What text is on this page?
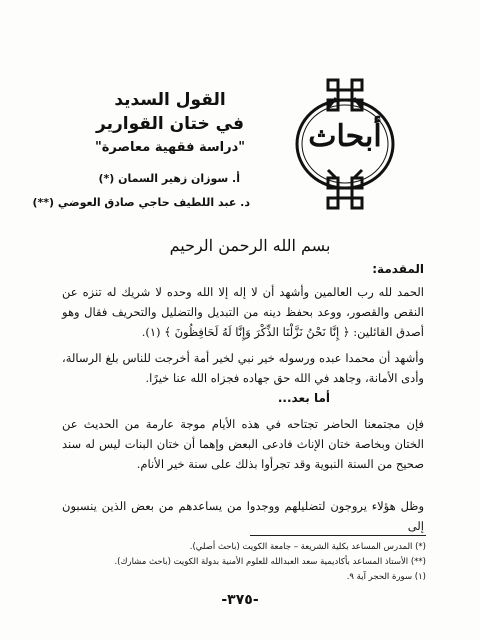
أبحاث
القول السديد
في ختان القوارير
"دراسة فقهية معاصرة"
أ. سوزان زهير السمان (*)
د. عبد اللطيف حاجي صادق العوضي (**)
بسم الله الرحمن الرحيم
المقدمة:
الحمد لله رب العالمين وأشهد أن لا إله إلا الله وحده لا شريك له تنزه عن النقص والقصور، ووعد بحفظ دينه من التبديل والتضليل والتحريف فقال وهو أصدق القائلين: ﴿ إِنَّا نَحْنُ نَزَّلْنَا الذِّكْرَ وَإِنَّا لَهُ لَحَافِظُونَ ﴾ (١).
وأشهد أن محمدا عبده ورسوله خير نبي لخير أمة أخرجت للناس بلغ الرسالة، وأدى الأمانة، وجاهد في الله حق جهاده فجزاه الله عنا خيرًا.
أما بعد...
فإن مجتمعنا الحاضر تجتاحه في هذه الأيام موجة عارمة من الحديث عن الختان وبخاصة ختان الإناث فادعى البعض وإهما أن ختان البنات ليس له سند صحيح من السنة النبوية وقد تجرأوا بذلك على سنة خير الأنام.
وظل هؤلاء يروجون لتضليلهم ووجدوا من يساعدهم من بعض الذين ينسبون إلى
(*) المدرس المساعد بكلية الشريعة – جامعة الكويت (باحث أصلي).
(**) الأستاذ المساعد بأكاديمية سعد العبدالله للعلوم الأمنية بدولة الكويت (باحث مشارك).
(١) سورة الحجر آية ٩.
-٣٧٥-
